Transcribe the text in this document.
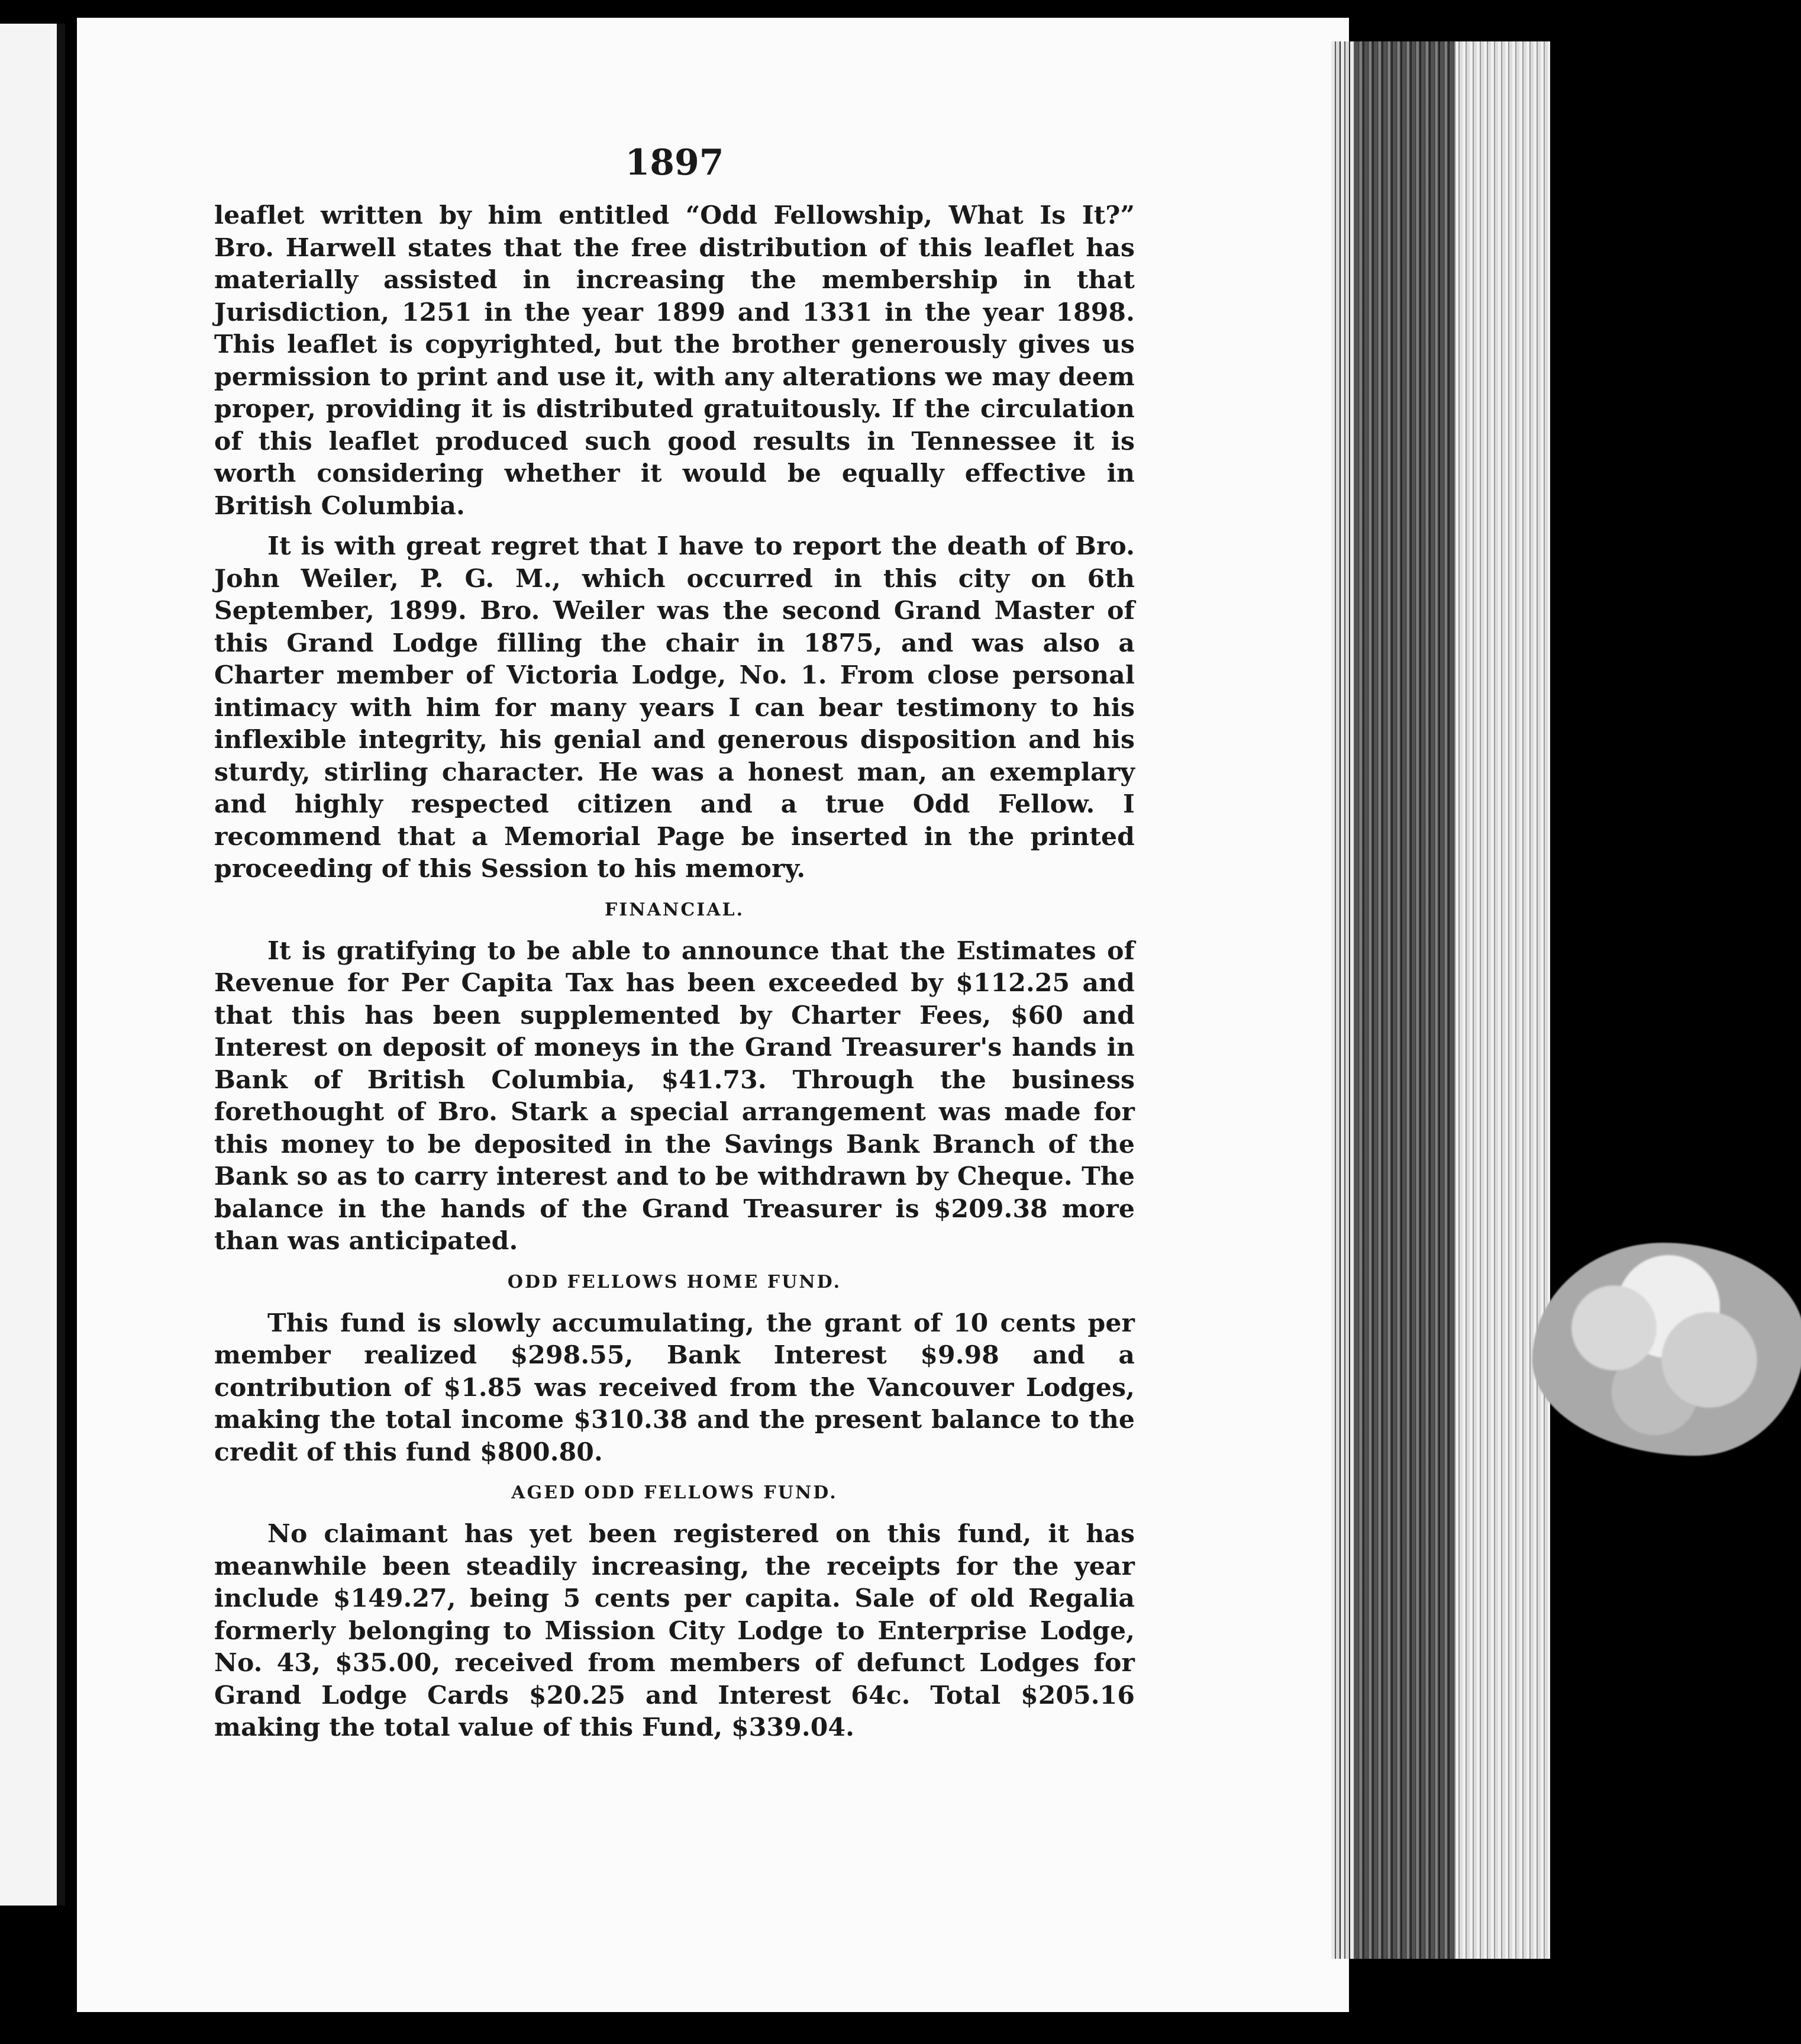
1897

leaflet written by him entitled “Odd Fellowship, What Is It?” Bro. Harwell states that the free distribution of this leaflet has materially assisted in increasing the membership in that Jurisdiction, 1251 in the year 1899 and 1331 in the year 1898. This leaflet is copyrighted, but the brother generously gives us permission to print and use it, with any alterations we may deem proper, providing it is distributed gratuitously. If the circulation of this leaflet produced such good results in Tennessee it is worth considering whether it would be equally effective in British Columbia.

It is with great regret that I have to report the death of Bro. John Weiler, P. G. M., which occurred in this city on 6th September, 1899. Bro. Weiler was the second Grand Master of this Grand Lodge filling the chair in 1875, and was also a Charter member of Victoria Lodge, No. 1. From close personal intimacy with him for many years I can bear testimony to his inflexible integrity, his genial and generous disposition and his sturdy, stirling character. He was a honest man, an exemplary and highly respected citizen and a true Odd Fellow. I recommend that a Memorial Page be inserted in the printed proceeding of this Session to his memory.

FINANCIAL.

It is gratifying to be able to announce that the Estimates of Revenue for Per Capita Tax has been exceeded by $112.25 and that this has been supplemented by Charter Fees, $60 and Interest on deposit of moneys in the Grand Treasurer's hands in Bank of British Columbia, $41.73. Through the business forethought of Bro. Stark a special arrangement was made for this money to be deposited in the Savings Bank Branch of the Bank so as to carry interest and to be withdrawn by Cheque. The balance in the hands of the Grand Treasurer is $209.38 more than was anticipated.

ODD FELLOWS HOME FUND.

This fund is slowly accumulating, the grant of 10 cents per member realized $298.55, Bank Interest $9.98 and a contribution of $1.85 was received from the Vancouver Lodges, making the total income $310.38 and the present balance to the credit of this fund $800.80.

AGED ODD FELLOWS FUND.

No claimant has yet been registered on this fund, it has meanwhile been steadily increasing, the receipts for the year include $149.27, being 5 cents per capita. Sale of old Regalia formerly belonging to Mission City Lodge to Enterprise Lodge, No. 43, $35.00, received from members of defunct Lodges for Grand Lodge Cards $20.25 and Interest 64c. Total $205.16 making the total value of this Fund, $339.04.
